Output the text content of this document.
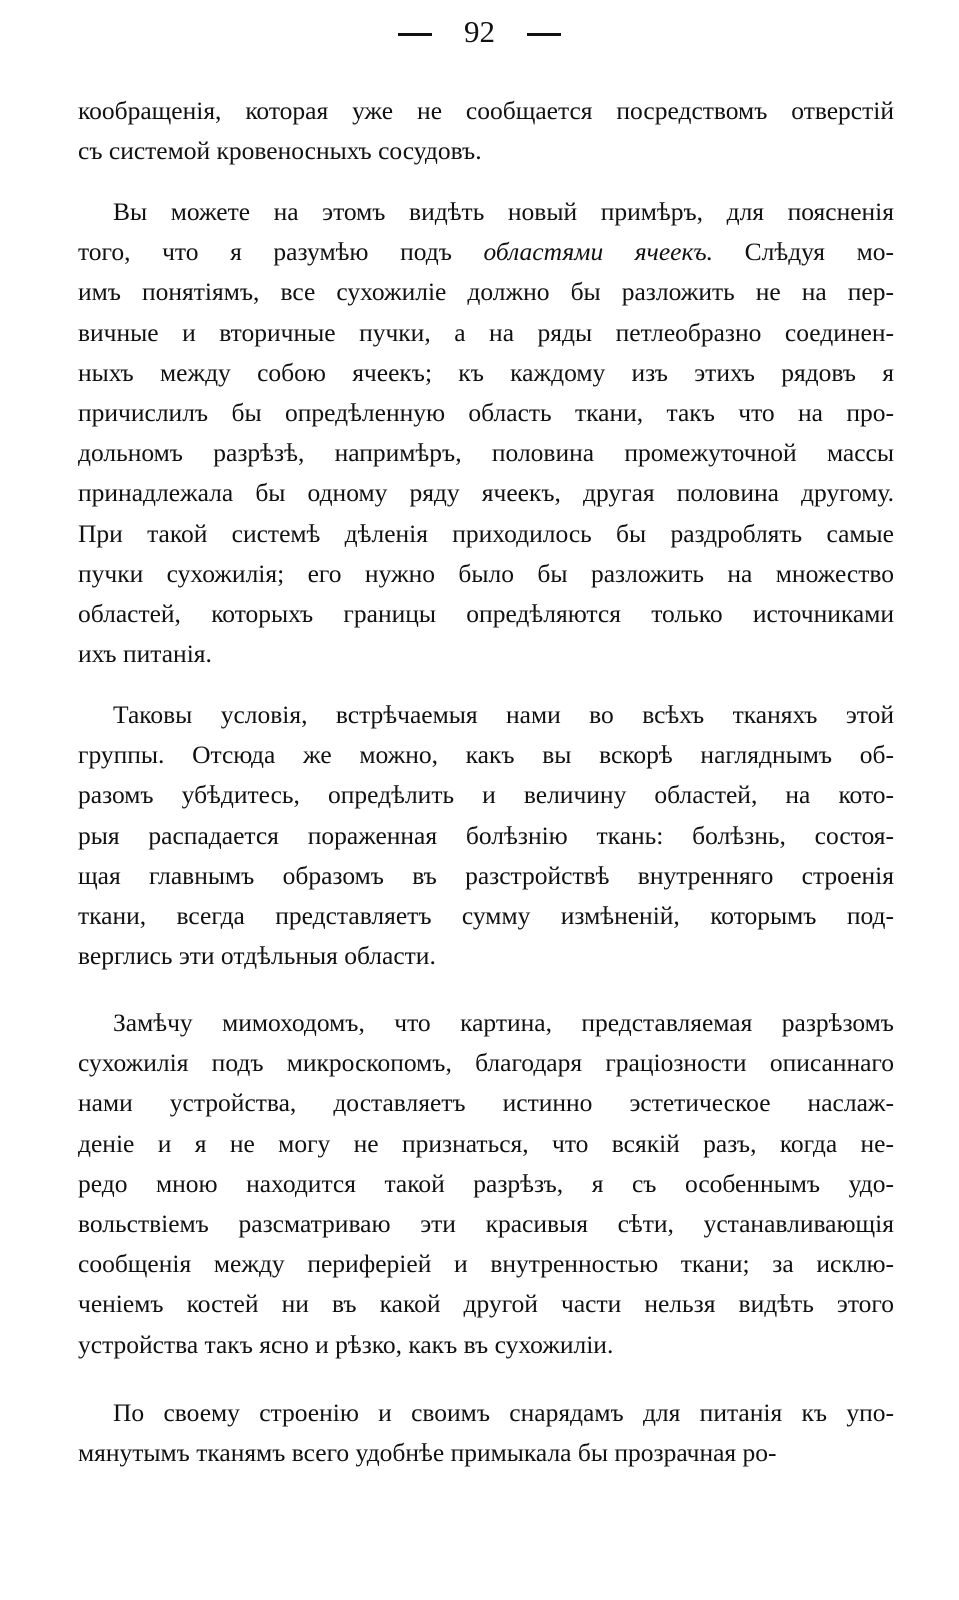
92
кообращенія, которая уже не сообщается посредствомъ отверстій
съ системой кровеносныхъ сосудовъ.
Вы можете на этомъ видѣть новый примѣръ, для поясненія
того, что я разумѣю подъ областями ячеекъ. Слѣдуя мо-
имъ понятіямъ, все сухожиліе должно бы разложить не на пер-
вичные и вторичные пучки, а на ряды петлеобразно соединен-
ныхъ между собою ячеекъ; къ каждому изъ этихъ рядовъ я
причислилъ бы опредѣленную область ткани, такъ что на про-
дольномъ разрѣзѣ, напримѣръ, половина промежуточной массы
принадлежала бы одному ряду ячеекъ, другая половина другому.
При такой системѣ дѣленія приходилось бы раздроблять самые
пучки сухожилія; его нужно было бы разложить на множество
областей, которыхъ границы опредѣляются только источниками
ихъ питанія.
Таковы условія, встрѣчаемыя нами во всѣхъ тканяхъ этой
группы. Отсюда же можно, какъ вы вскорѣ нагляднымъ об-
разомъ убѣдитесь, опредѣлить и величину областей, на кото-
рыя распадается пораженная болѣзнію ткань: болѣзнь, состоя-
щая главнымъ образомъ въ разстройствѣ внутренняго строенія
ткани, всегда представляетъ сумму измѣненій, которымъ под-
верглись эти отдѣльныя области.
Замѣчу мимоходомъ, что картина, представляемая разрѣзомъ
сухожилія подъ микроскопомъ, благодаря граціозности описаннаго
нами устройства, доставляетъ истинно эстетическое наслаж-
деніе и я не могу не признаться, что всякій разъ, когда не-
редо мною находится такой разрѣзъ, я съ особеннымъ удо-
вольствіемъ разсматриваю эти красивыя сѣти, устанавливающія
сообщенія между периферіей и внутренностью ткани; за исклю-
ченіемъ костей ни въ какой другой части нельзя видѣть этого
устройства такъ ясно и рѣзко, какъ въ сухожиліи.
По своему строенію и своимъ снарядамъ для питанія къ упо-
мянутымъ тканямъ всего удобнѣе примыкала бы прозрачная ро-
